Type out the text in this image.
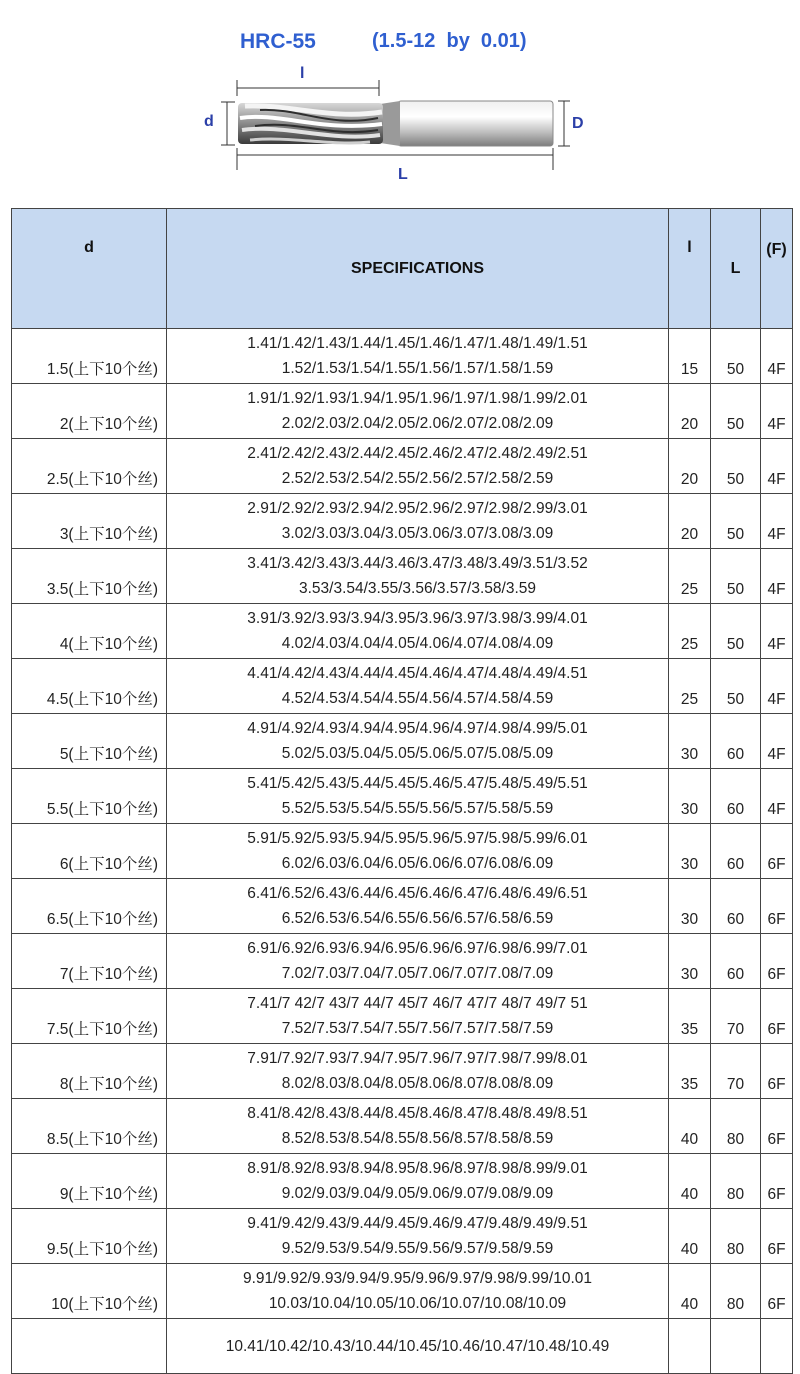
HRC-55	(1.5-12  by  0.01)
l
d	D
L
d	SPECIFICATIONS	l	L	(F)
1.5(上下10个丝)	1.41/1.42/1.43/1.44/1.45/1.46/1.47/1.48/1.49/1.51
1.52/1.53/1.54/1.55/1.56/1.57/1.58/1.59	15	50	4F
2(上下10个丝)	1.91/1.92/1.93/1.94/1.95/1.96/1.97/1.98/1.99/2.01
2.02/2.03/2.04/2.05/2.06/2.07/2.08/2.09	20	50	4F
2.5(上下10个丝)	2.41/2.42/2.43/2.44/2.45/2.46/2.47/2.48/2.49/2.51
2.52/2.53/2.54/2.55/2.56/2.57/2.58/2.59	20	50	4F
3(上下10个丝)	2.91/2.92/2.93/2.94/2.95/2.96/2.97/2.98/2.99/3.01
3.02/3.03/3.04/3.05/3.06/3.07/3.08/3.09	20	50	4F
3.5(上下10个丝)	3.41/3.42/3.43/3.44/3.46/3.47/3.48/3.49/3.51/3.52
3.53/3.54/3.55/3.56/3.57/3.58/3.59	25	50	4F
4(上下10个丝)	3.91/3.92/3.93/3.94/3.95/3.96/3.97/3.98/3.99/4.01
4.02/4.03/4.04/4.05/4.06/4.07/4.08/4.09	25	50	4F
4.5(上下10个丝)	4.41/4.42/4.43/4.44/4.45/4.46/4.47/4.48/4.49/4.51
4.52/4.53/4.54/4.55/4.56/4.57/4.58/4.59	25	50	4F
5(上下10个丝)	4.91/4.92/4.93/4.94/4.95/4.96/4.97/4.98/4.99/5.01
5.02/5.03/5.04/5.05/5.06/5.07/5.08/5.09	30	60	4F
5.5(上下10个丝)	5.41/5.42/5.43/5.44/5.45/5.46/5.47/5.48/5.49/5.51
5.52/5.53/5.54/5.55/5.56/5.57/5.58/5.59	30	60	4F
6(上下10个丝)	5.91/5.92/5.93/5.94/5.95/5.96/5.97/5.98/5.99/6.01
6.02/6.03/6.04/6.05/6.06/6.07/6.08/6.09	30	60	6F
6.5(上下10个丝)	6.41/6.52/6.43/6.44/6.45/6.46/6.47/6.48/6.49/6.51
6.52/6.53/6.54/6.55/6.56/6.57/6.58/6.59	30	60	6F
7(上下10个丝)	6.91/6.92/6.93/6.94/6.95/6.96/6.97/6.98/6.99/7.01
7.02/7.03/7.04/7.05/7.06/7.07/7.08/7.09	30	60	6F
7.5(上下10个丝)	7.41/7 42/7 43/7 44/7 45/7 46/7 47/7 48/7 49/7 51
7.52/7.53/7.54/7.55/7.56/7.57/7.58/7.59	35	70	6F
8(上下10个丝)	7.91/7.92/7.93/7.94/7.95/7.96/7.97/7.98/7.99/8.01
8.02/8.03/8.04/8.05/8.06/8.07/8.08/8.09	35	70	6F
8.5(上下10个丝)	8.41/8.42/8.43/8.44/8.45/8.46/8.47/8.48/8.49/8.51
8.52/8.53/8.54/8.55/8.56/8.57/8.58/8.59	40	80	6F
9(上下10个丝)	8.91/8.92/8.93/8.94/8.95/8.96/8.97/8.98/8.99/9.01
9.02/9.03/9.04/9.05/9.06/9.07/9.08/9.09	40	80	6F
9.5(上下10个丝)	9.41/9.42/9.43/9.44/9.45/9.46/9.47/9.48/9.49/9.51
9.52/9.53/9.54/9.55/9.56/9.57/9.58/9.59	40	80	6F
10(上下10个丝)	9.91/9.92/9.93/9.94/9.95/9.96/9.97/9.98/9.99/10.01
10.03/10.04/10.05/10.06/10.07/10.08/10.09	40	80	6F

	10.41/10.42/10.43/10.44/10.45/10.46/10.47/10.48/10.49			
